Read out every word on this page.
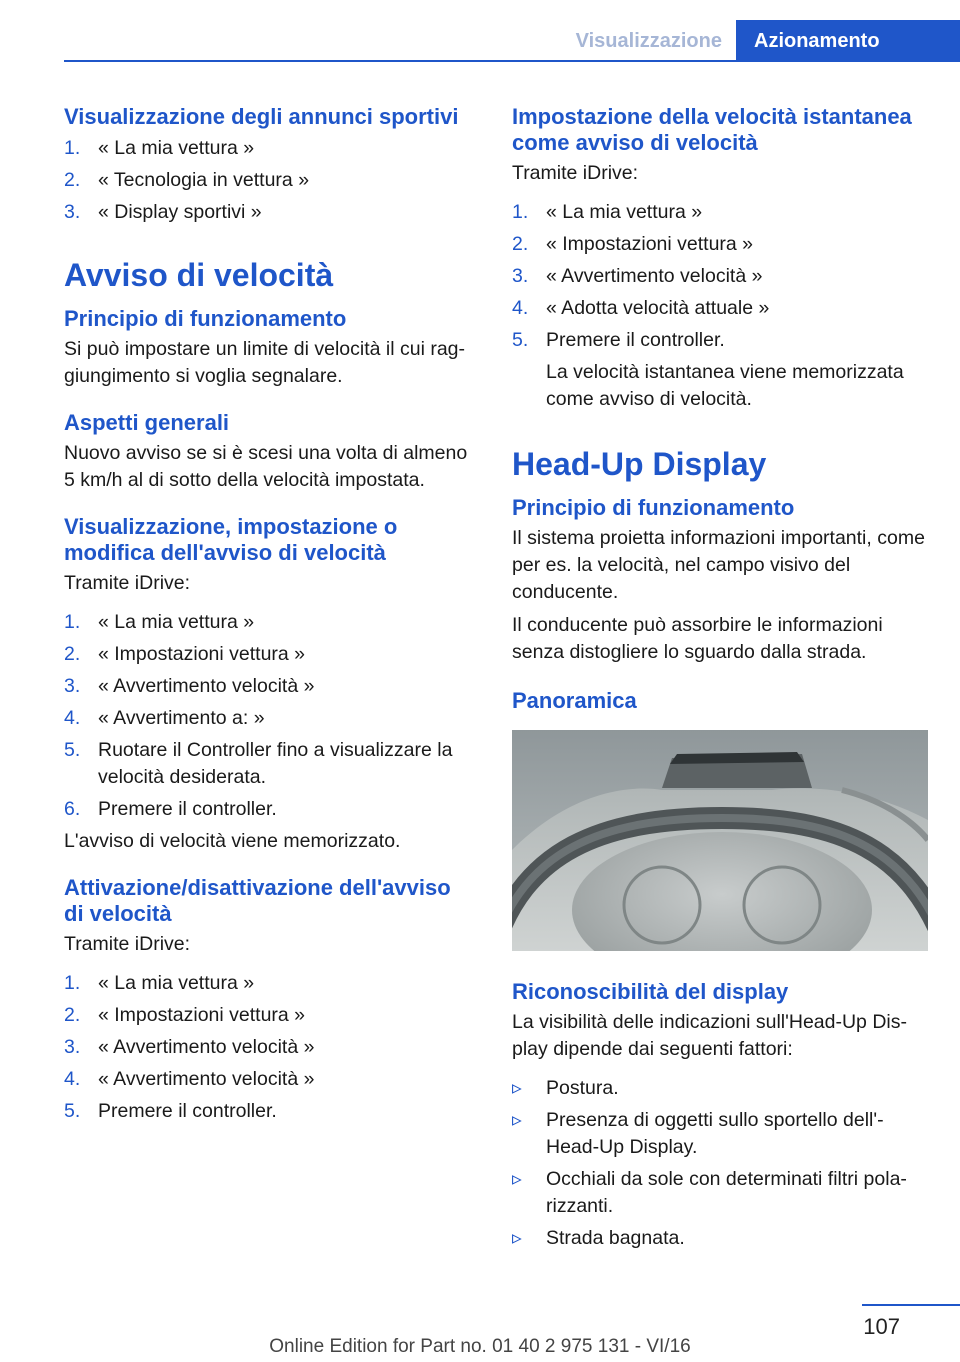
Visualizzazione	Azionamento
Visualizzazione degli annunci sportivi
1. « La mia vettura »
2. « Tecnologia in vettura »
3. « Display sportivi »
Avviso di velocità
Principio di funzionamento

Si può impostare un limite di velocità il cui rag‐giungimento si voglia segnalare.

Aspetti generali

Nuovo avviso se si è scesi una volta di almeno 5 km/h al di sotto della velocità impostata.

Visualizzazione, impostazione o modifica dell'avviso di velocità

Tramite iDrive:

1. « La mia vettura »
2. « Impostazioni vettura »
3. « Avvertimento velocità »
4. « Avvertimento a: »
5. Ruotare il Controller fino a visualizzare la velocità desiderata.
6. Premere il controller.

L'avviso di velocità viene memorizzato.

Attivazione/disattivazione dell'avviso di velocità

Tramite iDrive:

1. « La mia vettura »
2. « Impostazioni vettura »
3. « Avvertimento velocità »
4. « Avvertimento velocità »
5. Premere il controller.
Impostazione della velocità istantanea come avviso di velocità

Tramite iDrive:

1. « La mia vettura »
2. « Impostazioni vettura »
3. « Avvertimento velocità »
4. « Adotta velocità attuale »
5. Premere il controller.
La velocità istantanea viene memorizzata come avviso di velocità.
Head-Up Display
Principio di funzionamento

Il sistema proietta informazioni importanti, come per es. la velocità, nel campo visivo del conducente.

Il conducente può assorbire le informazioni senza distogliere lo sguardo dalla strada.

Panoramica
Riconoscibilità del display

La visibilità delle indicazioni sull'Head-Up Dis‐play dipende dai seguenti fattori:

▹	Postura.
▹	Presenza di oggetti sullo sportello dell'‐Head-Up Display.
▹	Occhiali da sole con determinati filtri pola‐rizzanti.
▹	Strada bagnata.
107
Online Edition for Part no. 01 40 2 975 131 - VI/16
